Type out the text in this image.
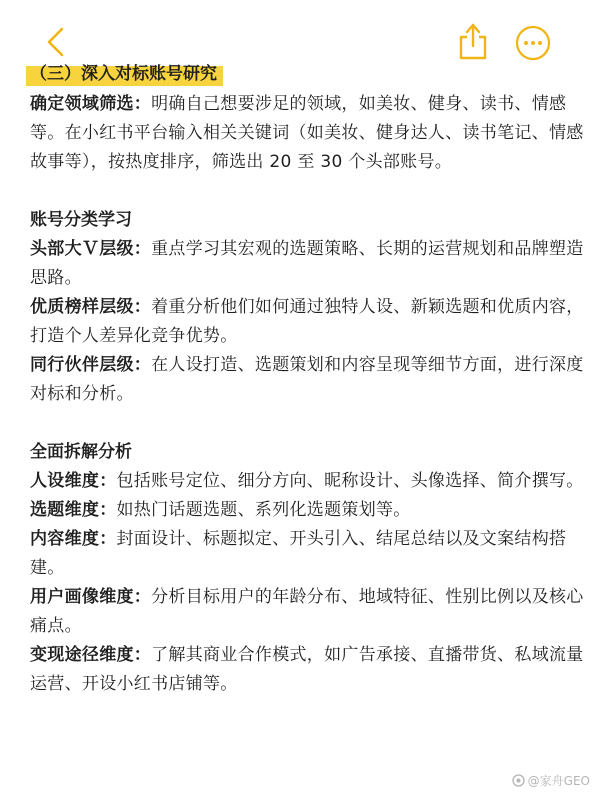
（三）深入对标账号研究

确定领域筛选：明确自己想要涉足的领域，如美妆、健身、读书、情感等。在小红书平台输入相关关键词（如美妆、健身达人、读书笔记、情感故事等），按热度排序，筛选出 20 至 30 个头部账号。

账号分类学习

头部大Ｖ层级：重点学习其宏观的选题策略、长期的运营规划和品牌塑造思路。

优质榜样层级：着重分析他们如何通过独特人设、新颖选题和优质内容，打造个人差异化竞争优势。

同行伙伴层级：在人设打造、选题策划和内容呈现等细节方面，进行深度对标和分析。

全面拆解分析

人设维度：包括账号定位、细分方向、昵称设计、头像选择、简介撰写。

选题维度：如热门话题选题、系列化选题策划等。

内容维度：封面设计、标题拟定、开头引入、结尾总结以及文案结构搭建。

用户画像维度：分析目标用户的年龄分布、地域特征、性别比例以及核心痛点。

变现途径维度：了解其商业合作模式，如广告承接、直播带货、私域流量运营、开设小红书店铺等。

@家舟GEO
